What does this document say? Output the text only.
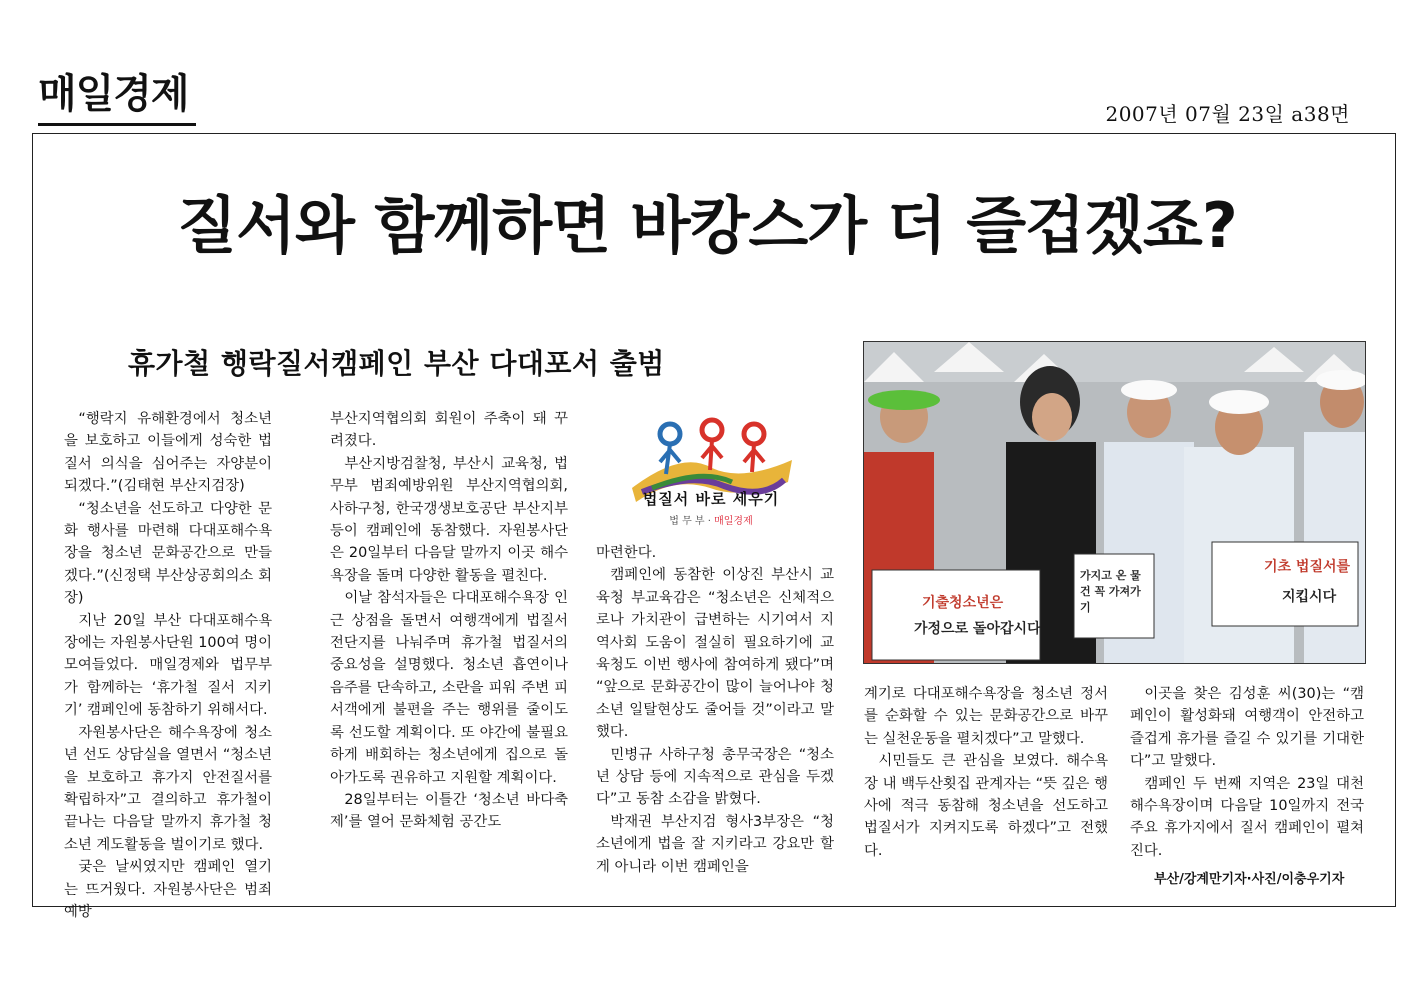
매일경제	2007년 07월 23일 a38면
질서와 함께하면 바캉스가 더 즐겁겠죠?
휴가철 행락질서캠페인 부산 다대포서 출범

“행락지 유해환경에서 청소년을 보호하고 이들에게 성숙한 법질서 의식을 심어주는 자양분이 되겠다.”(김태현 부산지검장)

“청소년을 선도하고 다양한 문화 행사를 마련해 다대포해수욕장을 청소년 문화공간으로 만들겠다.”(신정택 부산상공회의소 회장)

지난 20일 부산 다대포해수욕장에는 자원봉사단원 100여 명이 모여들었다. 매일경제와 법무부가 함께하는 ‘휴가철 질서 지키기’ 캠페인에 동참하기 위해서다.

자원봉사단은 해수욕장에 청소년 선도 상담실을 열면서 “청소년을 보호하고 휴가지 안전질서를 확립하자”고 결의하고 휴가철이 끝나는 다음달 말까지 휴가철 청소년 계도활동을 벌이기로 했다.

궂은 날씨였지만 캠페인 열기는 뜨거웠다. 자원봉사단은 범죄예방

부산지역협의회 회원이 주축이 돼 꾸려졌다.

부산지방검찰청, 부산시 교육청, 법무부 범죄예방위원 부산지역협의회, 사하구청, 한국갱생보호공단 부산지부 등이 캠페인에 동참했다. 자원봉사단은 20일부터 다음달 말까지 이곳 해수욕장을 돌며 다양한 활동을 펼친다.

이날 참석자들은 다대포해수욕장 인근 상점을 돌면서 여행객에게 법질서 전단지를 나눠주며 휴가철 법질서의 중요성을 설명했다. 청소년 흡연이나 음주를 단속하고, 소란을 피워 주변 피서객에게 불편을 주는 행위를 줄이도록 선도할 계획이다. 또 야간에 불필요하게 배회하는 청소년에게 집으로 돌아가도록 권유하고 지원할 계획이다.

28일부터는 이틀간 ‘청소년 바다축제’를 열어 문화체험 공간도

법질서 바로 세우기
법 무 부 · 매일경제

마련한다.

캠페인에 동참한 이상진 부산시 교육청 부교육감은 “청소년은 신체적으로나 가치관이 급변하는 시기여서 지역사회 도움이 절실히 필요하기에 교육청도 이번 행사에 참여하게 됐다”며 “앞으로 문화공간이 많이 늘어나야 청소년 일탈현상도 줄어들 것”이라고 말했다.

민병규 사하구청 총무국장은 “청소년 상담 등에 지속적으로 관심을 두겠다”고 동참 소감을 밝혔다.

박재권 부산지검 형사3부장은 “청소년에게 법을 잘 지키라고 강요만 할 게 아니라 이번 캠페인을

기출청소년은
가정으로 돌아갑시다
가지고 온 물건 꼭 가져가기
기초 법질서를
지킵시다

계기로 다대포해수욕장을 청소년 정서를 순화할 수 있는 문화공간으로 바꾸는 실천운동을 펼치겠다”고 말했다.

시민들도 큰 관심을 보였다. 해수욕장 내 백두산횟집 관계자는 “뜻 깊은 행사에 적극 동참해 청소년을 선도하고 법질서가 지켜지도록 하겠다”고 전했다.

이곳을 찾은 김성훈 씨(30)는 “캠페인이 활성화돼 여행객이 안전하고 즐겁게 휴가를 즐길 수 있기를 기대한다”고 말했다.

캠페인 두 번째 지역은 23일 대천해수욕장이며 다음달 10일까지 전국 주요 휴가지에서 질서 캠페인이 펼쳐진다.

부산/강계만기자·사진/이충우기자
